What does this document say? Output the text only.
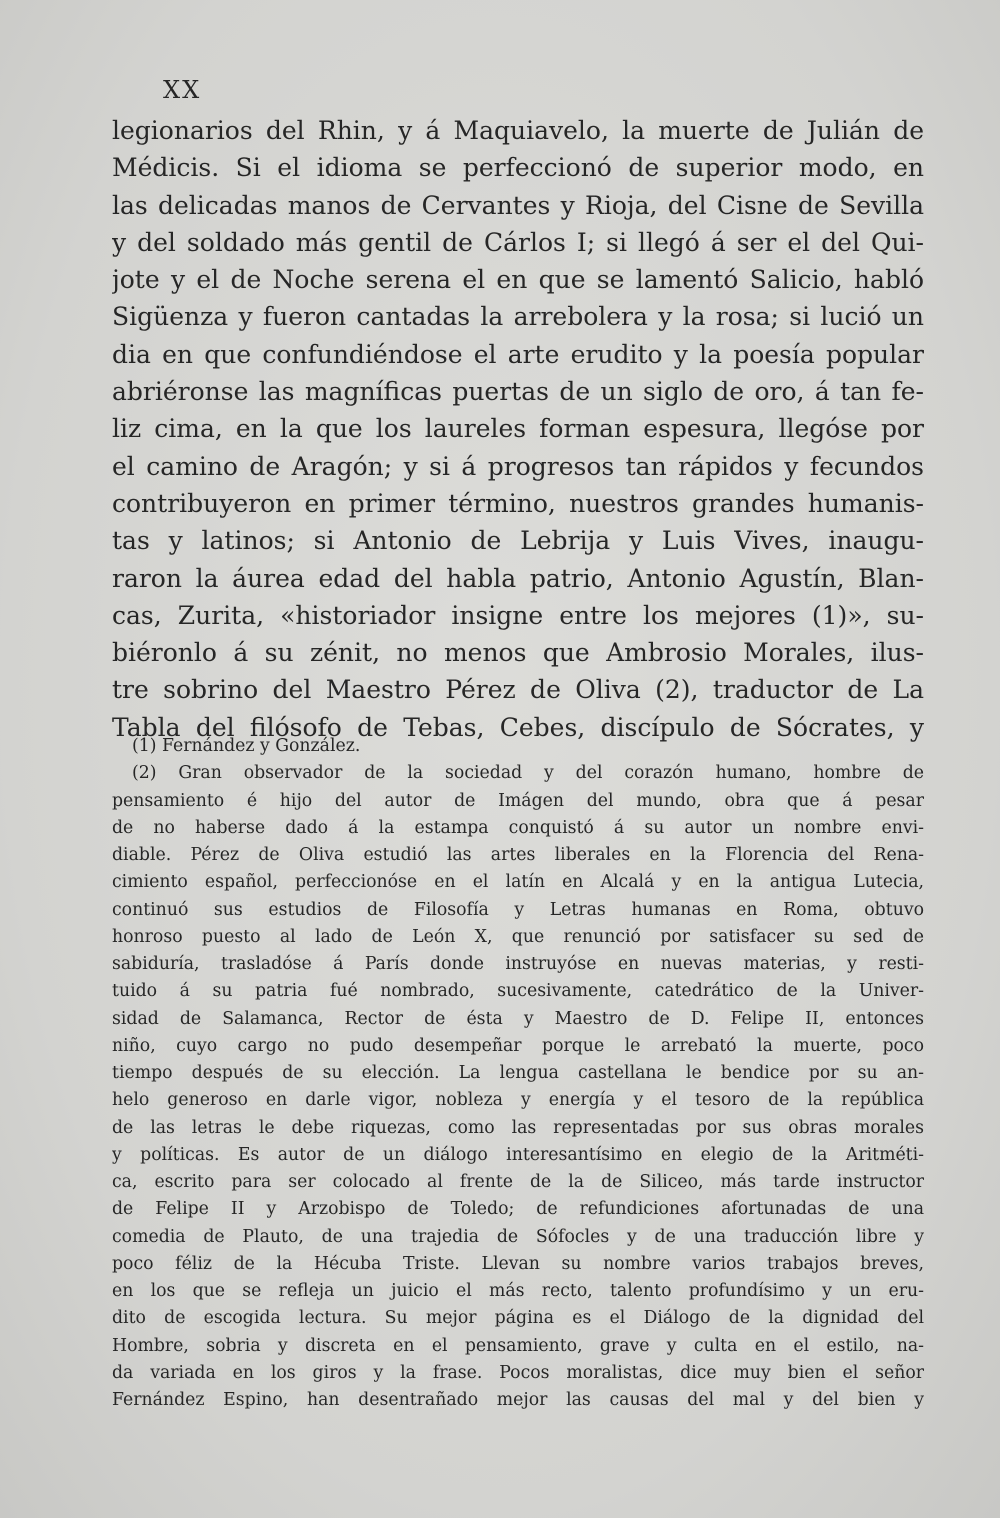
XX
legionarios del Rhin, y á Maquiavelo, la muerte de Julián de
Médicis. Si el idioma se perfeccionó de superior modo, en
las delicadas manos de Cervantes y Rioja, del Cisne de Sevilla
y del soldado más gentil de Cárlos I; si llegó á ser el del Qui-
jote y el de Noche serena el en que se lamentó Salicio, habló
Sigüenza y fueron cantadas la arrebolera y la rosa; si lució un
dia en que confundiéndose el arte erudito y la poesía popular
abriéronse las magníficas puertas de un siglo de oro, á tan fe-
liz cima, en la que los laureles forman espesura, llegóse por
el camino de Aragón; y si á progresos tan rápidos y fecundos
contribuyeron en primer término, nuestros grandes humanis-
tas y latinos; si Antonio de Lebrija y Luis Vives, inaugu-
raron la áurea edad del habla patrio, Antonio Agustín, Blan-
cas, Zurita, «historiador insigne entre los mejores (1)», su-
biéronlo á su zénit, no menos que Ambrosio Morales, ilus-
tre sobrino del Maestro Pérez de Oliva (2), traductor de La
Tabla del filósofo de Tebas, Cebes, discípulo de Sócrates, y
(1) Fernández y González.
(2) Gran observador de la sociedad y del corazón humano, hombre de
pensamiento é hijo del autor de Imágen del mundo, obra que á pesar
de no haberse dado á la estampa conquistó á su autor un nombre envi-
diable. Pérez de Oliva estudió las artes liberales en la Florencia del Rena-
cimiento español, perfeccionóse en el latín en Alcalá y en la antigua Lutecia,
continuó sus estudios de Filosofía y Letras humanas en Roma, obtuvo
honroso puesto al lado de León X, que renunció por satisfacer su sed de
sabiduría, trasladóse á París donde instruyóse en nuevas materias, y resti-
tuido á su patria fué nombrado, sucesivamente, catedrático de la Univer-
sidad de Salamanca, Rector de ésta y Maestro de D. Felipe II, entonces
niño, cuyo cargo no pudo desempeñar porque le arrebató la muerte, poco
tiempo después de su elección. La lengua castellana le bendice por su an-
helo generoso en darle vigor, nobleza y energía y el tesoro de la república
de las letras le debe riquezas, como las representadas por sus obras morales
y políticas. Es autor de un diálogo interesantísimo en elegio de la Aritméti-
ca, escrito para ser colocado al frente de la de Siliceo, más tarde instructor
de Felipe II y Arzobispo de Toledo; de refundiciones afortunadas de una
comedia de Plauto, de una trajedia de Sófocles y de una traducción libre y
poco féliz de la Hécuba Triste. Llevan su nombre varios trabajos breves,
en los que se refleja un juicio el más recto, talento profundísimo y un eru-
dito de escogida lectura. Su mejor página es el Diálogo de la dignidad del
Hombre, sobria y discreta en el pensamiento, grave y culta en el estilo, na-
da variada en los giros y la frase. Pocos moralistas, dice muy bien el señor
Fernández Espino, han desentrañado mejor las causas del mal y del bien y
